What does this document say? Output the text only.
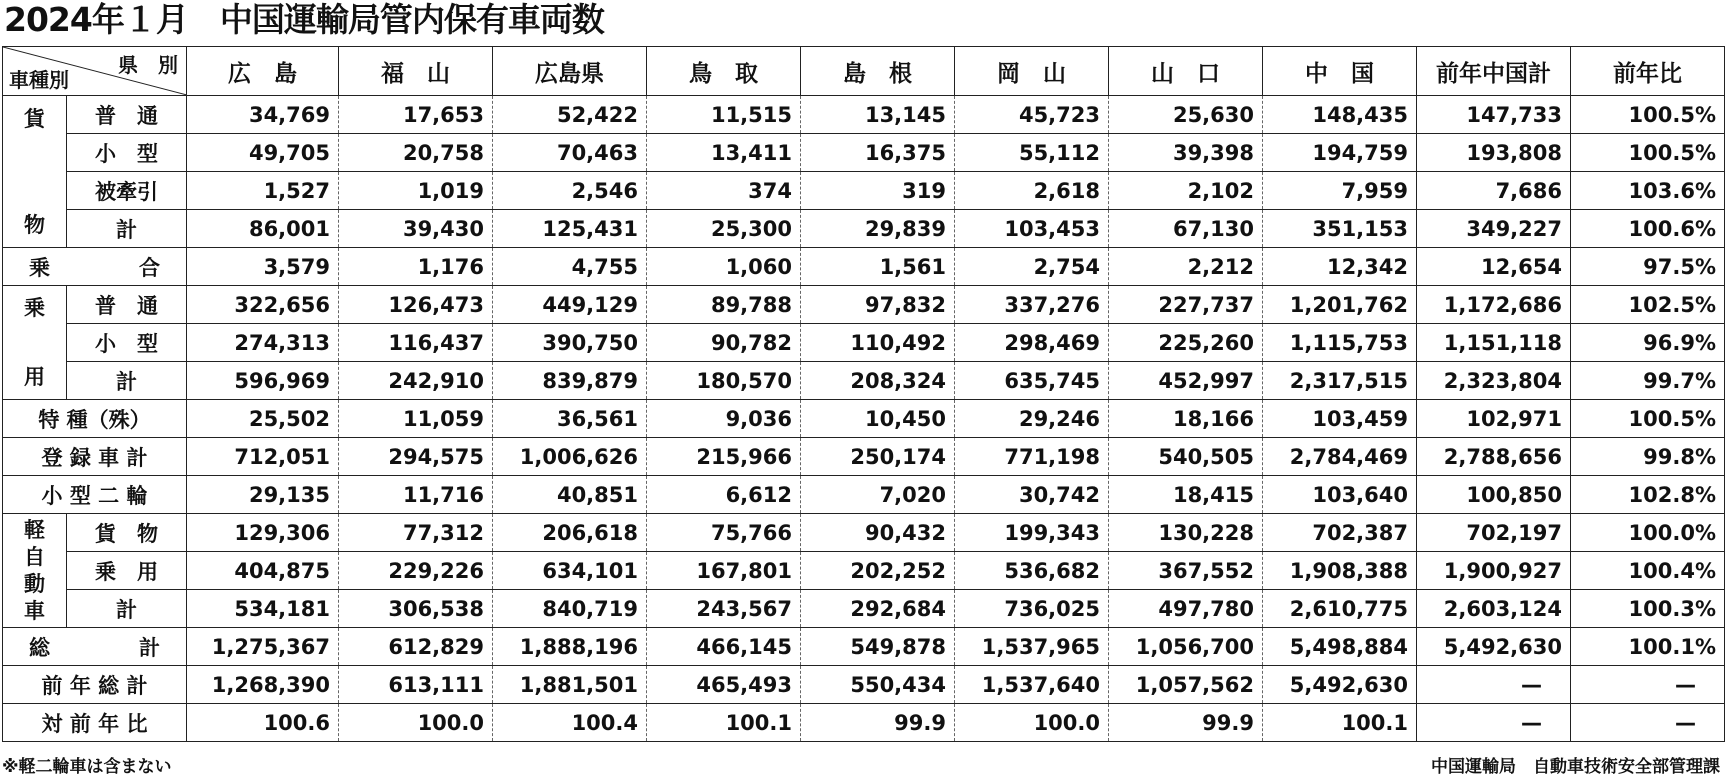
2024年１月　中国運輸局管内保有車両数
県　別
車種別		広　島	福　山	広島県	鳥　取	島　根	岡　山	山　口	中　国	前年中国計	前年比

貨
物	普　通	34,769	17,653	52,422	11,515	13,145	45,723	25,630	148,435	147,733	100.5%
	小　型	49,705	20,758	70,463	13,411	16,375	55,112	39,398	194,759	193,808	100.5%
	被牽引	1,527	1,019	2,546	374	319	2,618	2,102	7,959	7,686	103.6%
	計	86,001	39,430	125,431	25,300	29,839	103,453	67,130	351,153	349,227	100.6%

乗 合		3,579	1,176	4,755	1,060	1,561	2,754	2,212	12,342	12,654	97.5%

乗
用	普　通	322,656	126,473	449,129	89,788	97,832	337,276	227,737	1,201,762	1,172,686	102.5%
	小　型	274,313	116,437	390,750	90,782	110,492	298,469	225,260	1,115,753	1,151,118	96.9%
	計	596,969	242,910	839,879	180,570	208,324	635,745	452,997	2,317,515	2,323,804	99.7%
特 種（殊）		25,502	11,059	36,561	9,036	10,450	29,246	18,166	103,459	102,971	100.5%
登 録 車 計		712,051	294,575	1,006,626	215,966	250,174	771,198	540,505	2,784,469	2,788,656	99.8%
小 型 二 輪		29,135	11,716	40,851	6,612	7,020	30,742	18,415	103,640	100,850	102.8%

軽
自
動
車	貨　物	129,306	77,312	206,618	75,766	90,432	199,343	130,228	702,387	702,197	100.0%
	乗　用	404,875	229,226	634,101	167,801	202,252	536,682	367,552	1,908,388	1,900,927	100.4%
	計	534,181	306,538	840,719	243,567	292,684	736,025	497,780	2,610,775	2,603,124	100.3%

総 計		1,275,367	612,829	1,888,196	466,145	549,878	1,537,965	1,056,700	5,498,884	5,492,630	100.1%
前 年 総 計		1,268,390	613,111	1,881,501	465,493	550,434	1,537,640	1,057,562	5,492,630	—	—
対 前 年 比		100.6	100.0	100.4	100.1	99.9	100.0	99.9	100.1	—	—
※軽二輪車は含まない	中国運輸局　自動車技術安全部管理課
